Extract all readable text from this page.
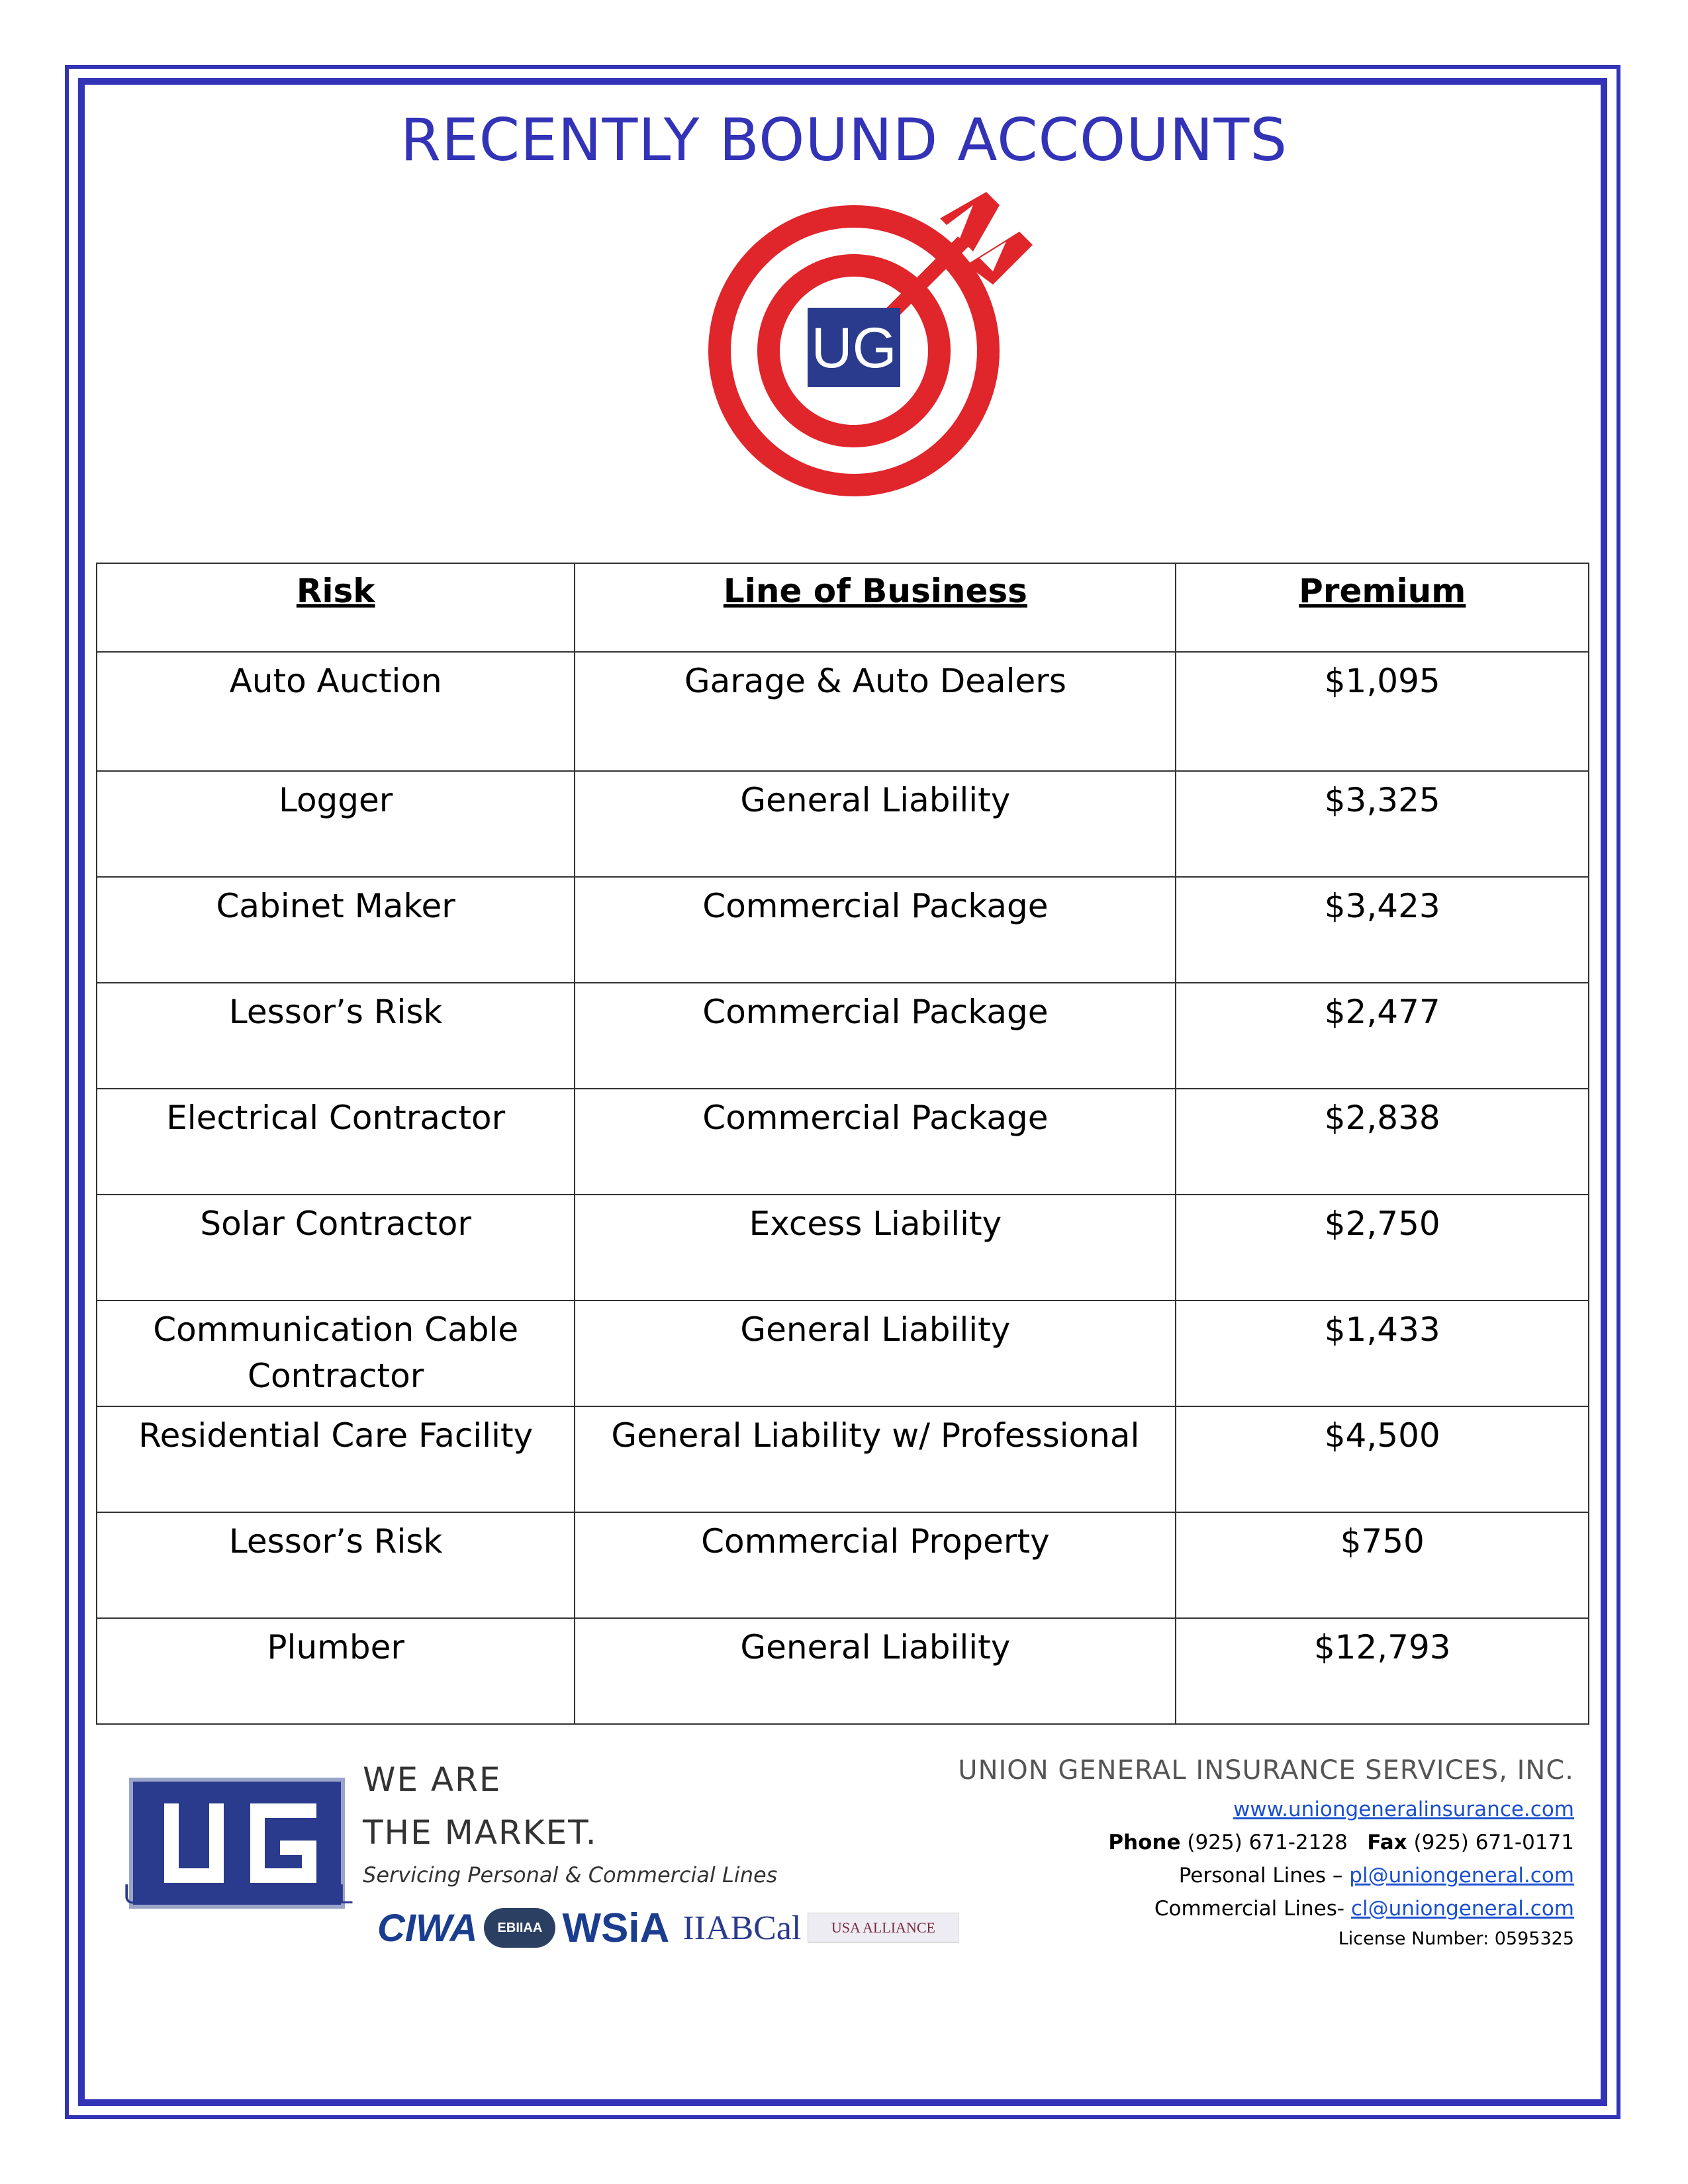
RECENTLY BOUND ACCOUNTS
UG
Risk	Line of Business	Premium
Auto Auction	Garage & Auto Dealers	$1,095
Logger	General Liability	$3,325
Cabinet Maker	Commercial Package	$3,423
Lessor’s Risk	Commercial Package	$2,477
Electrical Contractor	Commercial Package	$2,838
Solar Contractor	Excess Liability	$2,750
Communication Cable Contractor	General Liability	$1,433
Residential Care Facility	General Liability w/ Professional	$4,500
Lessor’s Risk	Commercial Property	$750
Plumber	General Liability	$12,793
UNION GENERAL
WE ARE
THE MARKET.
Servicing Personal & Commercial Lines
CIWA	EBIIAA WSiA IIABCal	USA ALLIANCE
UNION GENERAL INSURANCE SERVICES, INC.
www.uniongeneralinsurance.com
Phone (925) 671-2128 Fax (925) 671-0171
Personal Lines – pl@uniongeneral.com
Commercial Lines- cl@uniongeneral.com
License Number: 0595325
